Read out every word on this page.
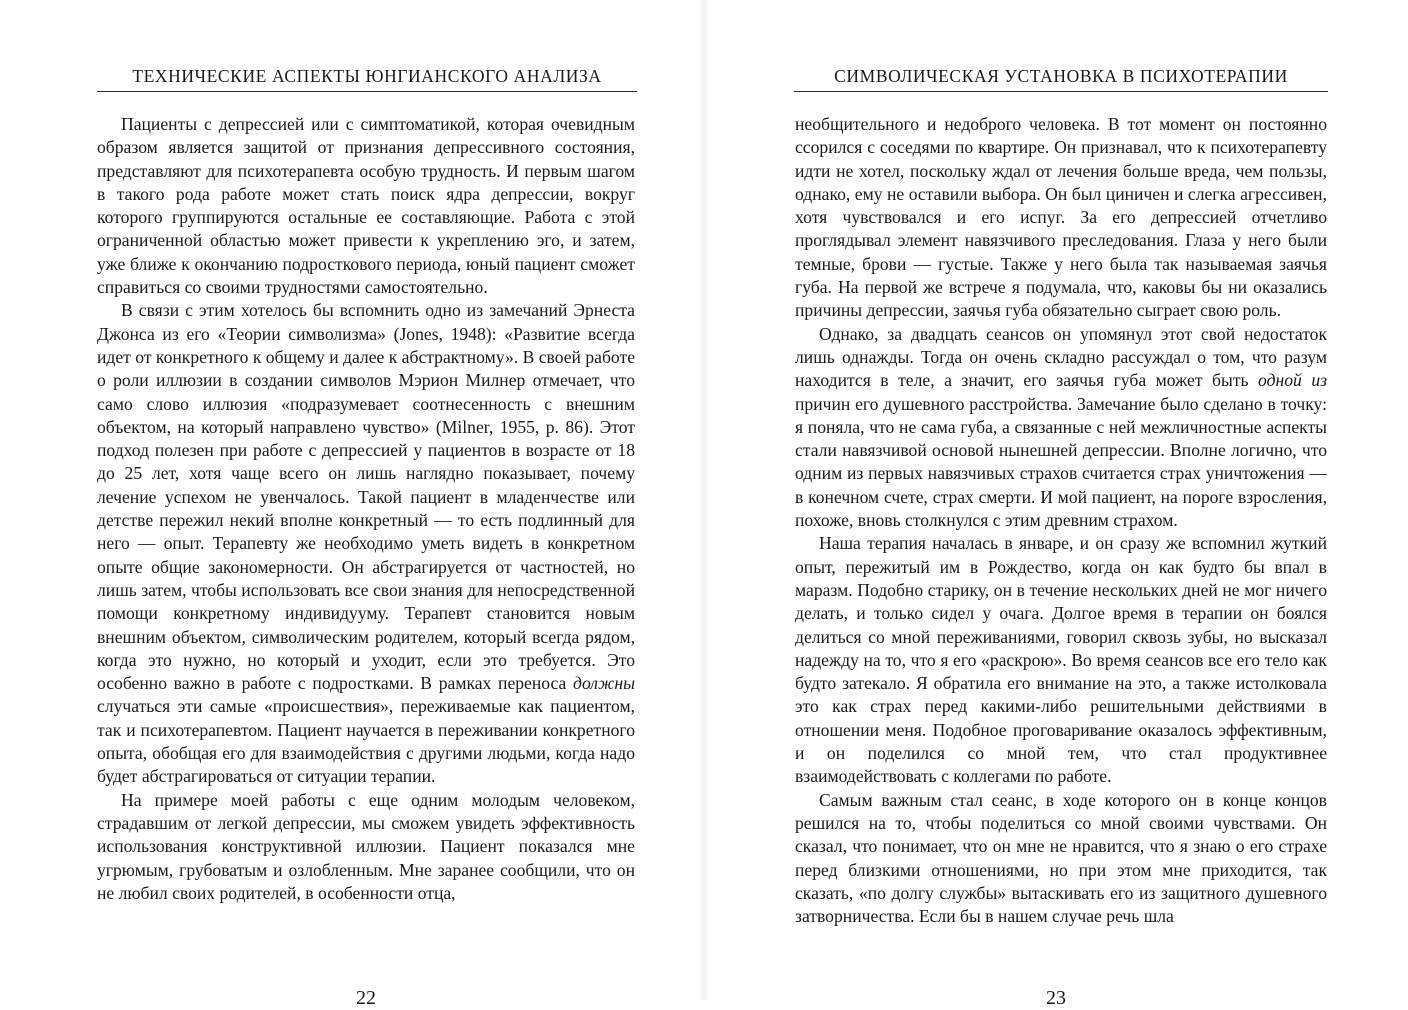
ТЕХНИЧЕСКИЕ АСПЕКТЫ ЮНГИАНСКОГО АНАЛИЗА

Пациенты с депрессией или с симптоматикой, которая очевидным образом является защитой от признания депрессивного состояния, представляют для психотерапевта особую трудность. И первым шагом в такого рода работе может стать поиск ядра депрессии, вокруг которого группируются остальные ее составляющие. Работа с этой ограниченной областью может привести к укреплению эго, и затем, уже ближе к окончанию подросткового периода, юный пациент сможет справиться со своими трудностями самостоятельно.

В связи с этим хотелось бы вспомнить одно из замечаний Эрнеста Джонса из его «Теории символизма» (Jones, 1948): «Развитие всегда идет от конкретного к общему и далее к абстрактному». В своей работе о роли иллюзии в создании символов Мэрион Милнер отмечает, что само слово иллюзия «подразумевает соотнесенность с внешним объектом, на который направлено чувство» (Milner, 1955, p. 86). Этот подход полезен при работе с депрессией у пациентов в возрасте от 18 до 25 лет, хотя чаще всего он лишь наглядно показывает, почему лечение успехом не увенчалось. Такой пациент в младенчестве или детстве пережил некий вполне конкретный — то есть подлинный для него — опыт. Терапевту же необходимо уметь видеть в конкретном опыте общие закономерности. Он абстрагируется от частностей, но лишь затем, чтобы использовать все свои знания для непосредственной помощи конкретному индивидууму. Терапевт становится новым внешним объектом, символическим родителем, который всегда рядом, когда это нужно, но который и уходит, если это требуется. Это особенно важно в работе с подростками. В рамках переноса должны случаться эти самые «происшествия», переживаемые как пациентом, так и психотерапевтом. Пациент научается в переживании конкретного опыта, обобщая его для взаимодействия с другими людьми, когда надо будет абстрагироваться от ситуации терапии.

На примере моей работы с еще одним молодым человеком, страдавшим от легкой депрессии, мы сможем увидеть эффективность использования конструктивной иллюзии. Пациент показался мне угрюмым, грубоватым и озлобленным. Мне заранее сообщили, что он не любил своих родителей, в особенности отца,

22
СИМВОЛИЧЕСКАЯ УСТАНОВКА В ПСИХОТЕРАПИИ

необщительного и недоброго человека. В тот момент он постоянно ссорился с соседями по квартире. Он признавал, что к психотерапевту идти не хотел, поскольку ждал от лечения больше вреда, чем пользы, однако, ему не оставили выбора. Он был циничен и слегка агрессивен, хотя чувствовался и его испуг. За его депрессией отчетливо проглядывал элемент навязчивого преследования. Глаза у него были темные, брови — густые. Также у него была так называемая заячья губа. На первой же встрече я подумала, что, каковы бы ни оказались причины депрессии, заячья губа обязательно сыграет свою роль.

Однако, за двадцать сеансов он упомянул этот свой недостаток лишь однажды. Тогда он очень складно рассуждал о том, что разум находится в теле, а значит, его заячья губа может быть одной из причин его душевного расстройства. Замечание было сделано в точку: я поняла, что не сама губа, а связанные с ней межличностные аспекты стали навязчивой основой нынешней депрессии. Вполне логично, что одним из первых навязчивых страхов считается страх уничтожения — в конечном счете, страх смерти. И мой пациент, на пороге взросления, похоже, вновь столкнулся с этим древним страхом.

Наша терапия началась в январе, и он сразу же вспомнил жуткий опыт, пережитый им в Рождество, когда он как будто бы впал в маразм. Подобно старику, он в течение нескольких дней не мог ничего делать, и только сидел у очага. Долгое время в терапии он боялся делиться со мной переживаниями, говорил сквозь зубы, но высказал надежду на то, что я его «раскрою». Во время сеансов все его тело как будто затекало. Я обратила его внимание на это, а также истолковала это как страх перед какими-либо решительными действиями в отношении меня. Подобное проговаривание оказалось эффективным, и он поделился со мной тем, что стал продуктивнее взаимодействовать с коллегами по работе.

Самым важным стал сеанс, в ходе которого он в конце концов решился на то, чтобы поделиться со мной своими чувствами. Он сказал, что понимает, что он мне не нравится, что я знаю о его страхе перед близкими отношениями, но при этом мне приходится, так сказать, «по долгу службы» вытаскивать его из защитного душевного затворничества. Если бы в нашем случае речь шла

23
